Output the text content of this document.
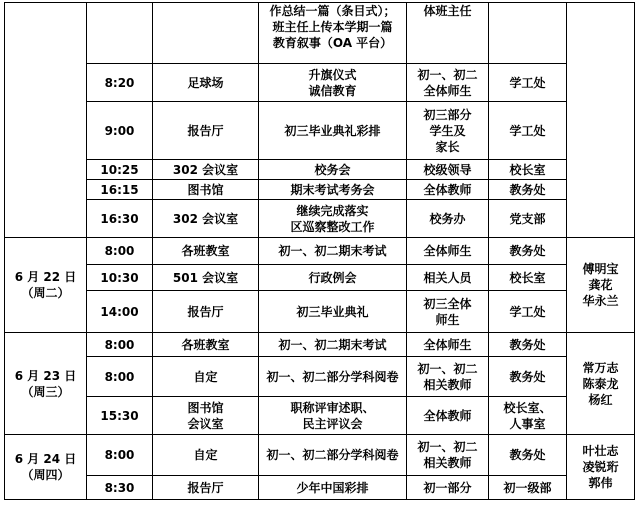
			作总结一篇（条目式）；
班主任上传本学期一篇
教育叙事（OA 平台）	体班主任		
	8:20	足球场	升旗仪式
诚信教育	初一、初二
全体师生	学工处	
	9:00	报告厅	初三毕业典礼彩排	初三部分
学生及
家长	学工处	
	10:25	302 会议室	校务会	校级领导	校长室	
	16:15	图书馆	期末考试考务会	全体教师	教务处	
	16:30	302 会议室	继续完成落实
区巡察整改工作	校务办	党支部	
6 月 22 日
（周二）	8:00	各班教室	初一、初二期末考试	全体师生	教务处	傅明宝
龚花
华永兰
	10:30	501 会议室	行政例会	相关人员	校长室	
	14:00	报告厅	初三毕业典礼	初三全体
师生	学工处	
6 月 23 日
（周三）	8:00	各班教室	初一、初二期末考试	全体师生	教务处	常万志
陈泰龙
杨红
	8:00	自定	初一、初二部分学科阅卷	初一、初二
相关教师	教务处	
	15:30	图书馆
会议室	职称评审述职、
民主评议会	全体教师	校长室、
人事室	
6 月 24 日
（周四）	8:00	自定	初一、初二部分学科阅卷	初一、初二
相关教师	教务处	叶壮志
凌锐珩
郭伟
	8:30	报告厅	少年中国彩排	初一部分	初一级部	
